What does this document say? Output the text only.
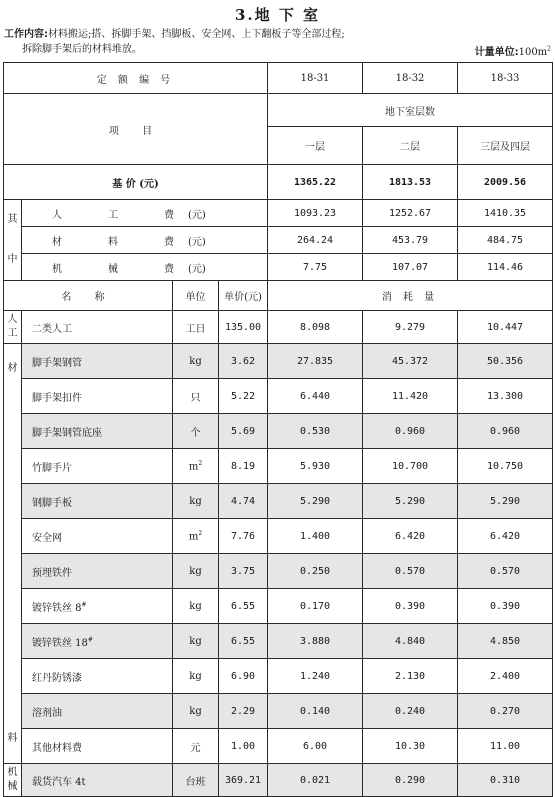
3.地 下 室
工作内容:材料搬运;搭、拆脚手架、挡脚板、安全网、上下翻板子等全部过程;
拆除脚手架后的材料堆放。	计量单位$:100m^2$
定 额 编 号				18-31	18-32	18-33
项 目				地下室层数		
				一层	二层	三层及四层
基 价 (元)				1365.22	1813.53	2009.56

其
中	人 工 费 (元)			1093.23	1252.67	1410.35
	材 料 费 (元)			264.24	453.79	484.75
	机 械 费 (元)			7.75	107.07	114.46
名 称		单位	单价(元)	消 耗 量		

人
工	二类人工	工日	135.00	8.098	9.279	10.447

材
料	脚手架钢管	kg	3.62	27.835	45.372	50.356
	脚手架扣件	只	5.22	6.440	11.420	13.300
	脚手架钢管底座	个	5.69	0.530	0.960	0.960
	竹脚手片	$m^2$	8.19	5.930	10.700	10.750
	钢脚手板	kg	4.74	5.290	5.290	5.290
	安全网	$m^2$	7.76	1.400	6.420	6.420
	预埋铁件	kg	3.75	0.250	0.570	0.570
	镀锌铁丝 8#	kg	6.55	0.170	0.390	0.390
	镀锌铁丝 18#	kg	6.55	3.880	4.840	4.850
	红丹防锈漆	kg	6.90	1.240	2.130	2.400
	溶剂油	kg	2.29	0.140	0.240	0.270
	其他材料费	元	1.00	6.00	10.30	11.00

机
械	载货汽车 4t	台班	369.21	0.021	0.290	0.310
